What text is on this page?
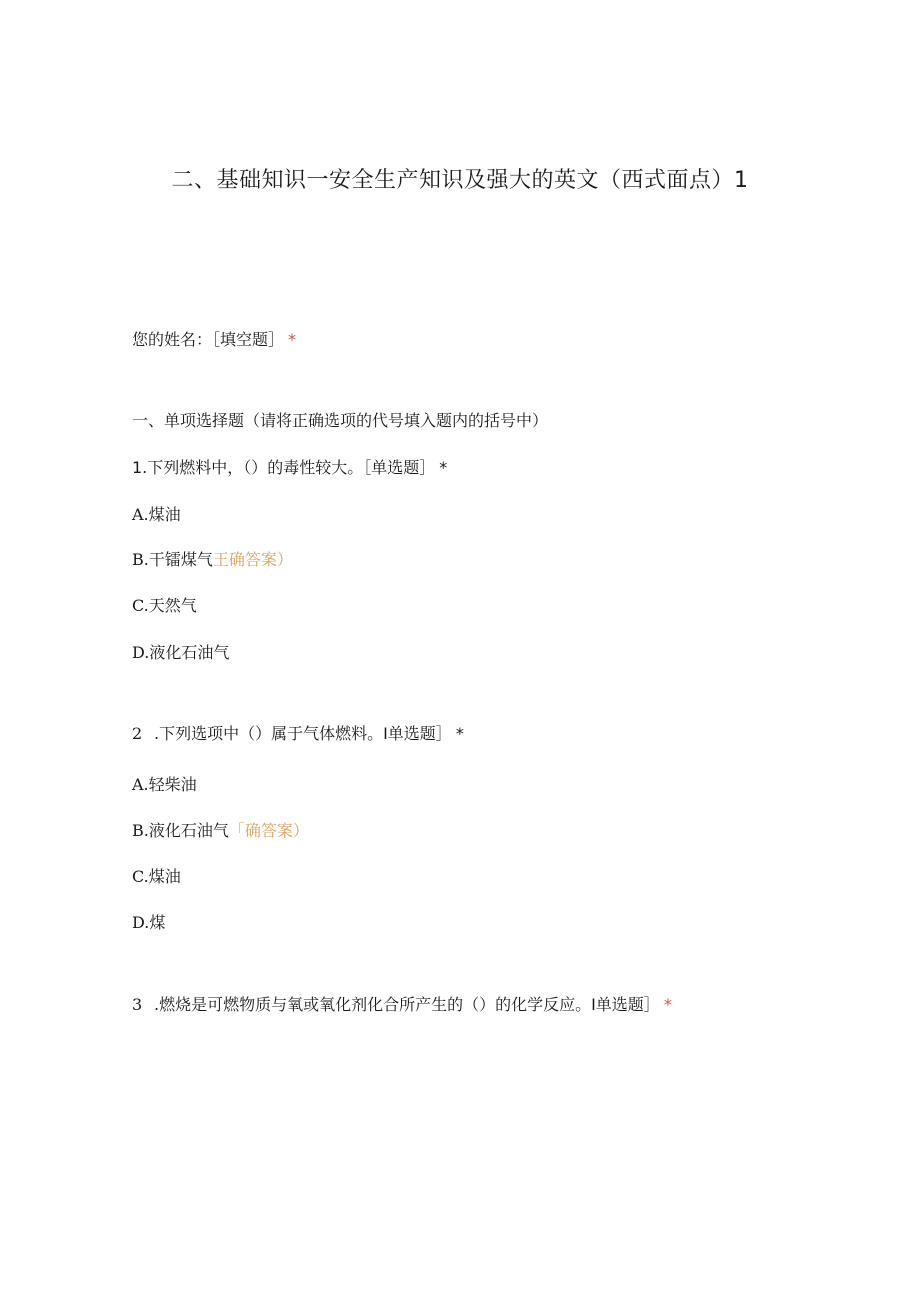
二、基础知识一安全生产知识及强大的英文（西式面点）1
您的姓名：［填空题］ *
一、单项选择题（请将正确选项的代号填入题内的括号中）
1.下列燃料中，（）的毒性较大。［单选题］ *
A.煤油
B.干镭煤气王确答案）
C.天然气
D.液化石油气
2 .下列选项中（）属于气体燃料。I单选题］ *
A.轻柴油
B.液化石油气「确答案）
C.煤油
D.煤
3 .燃烧是可燃物质与氧或氧化剂化合所产生的（）的化学反应。I单选题］ *
